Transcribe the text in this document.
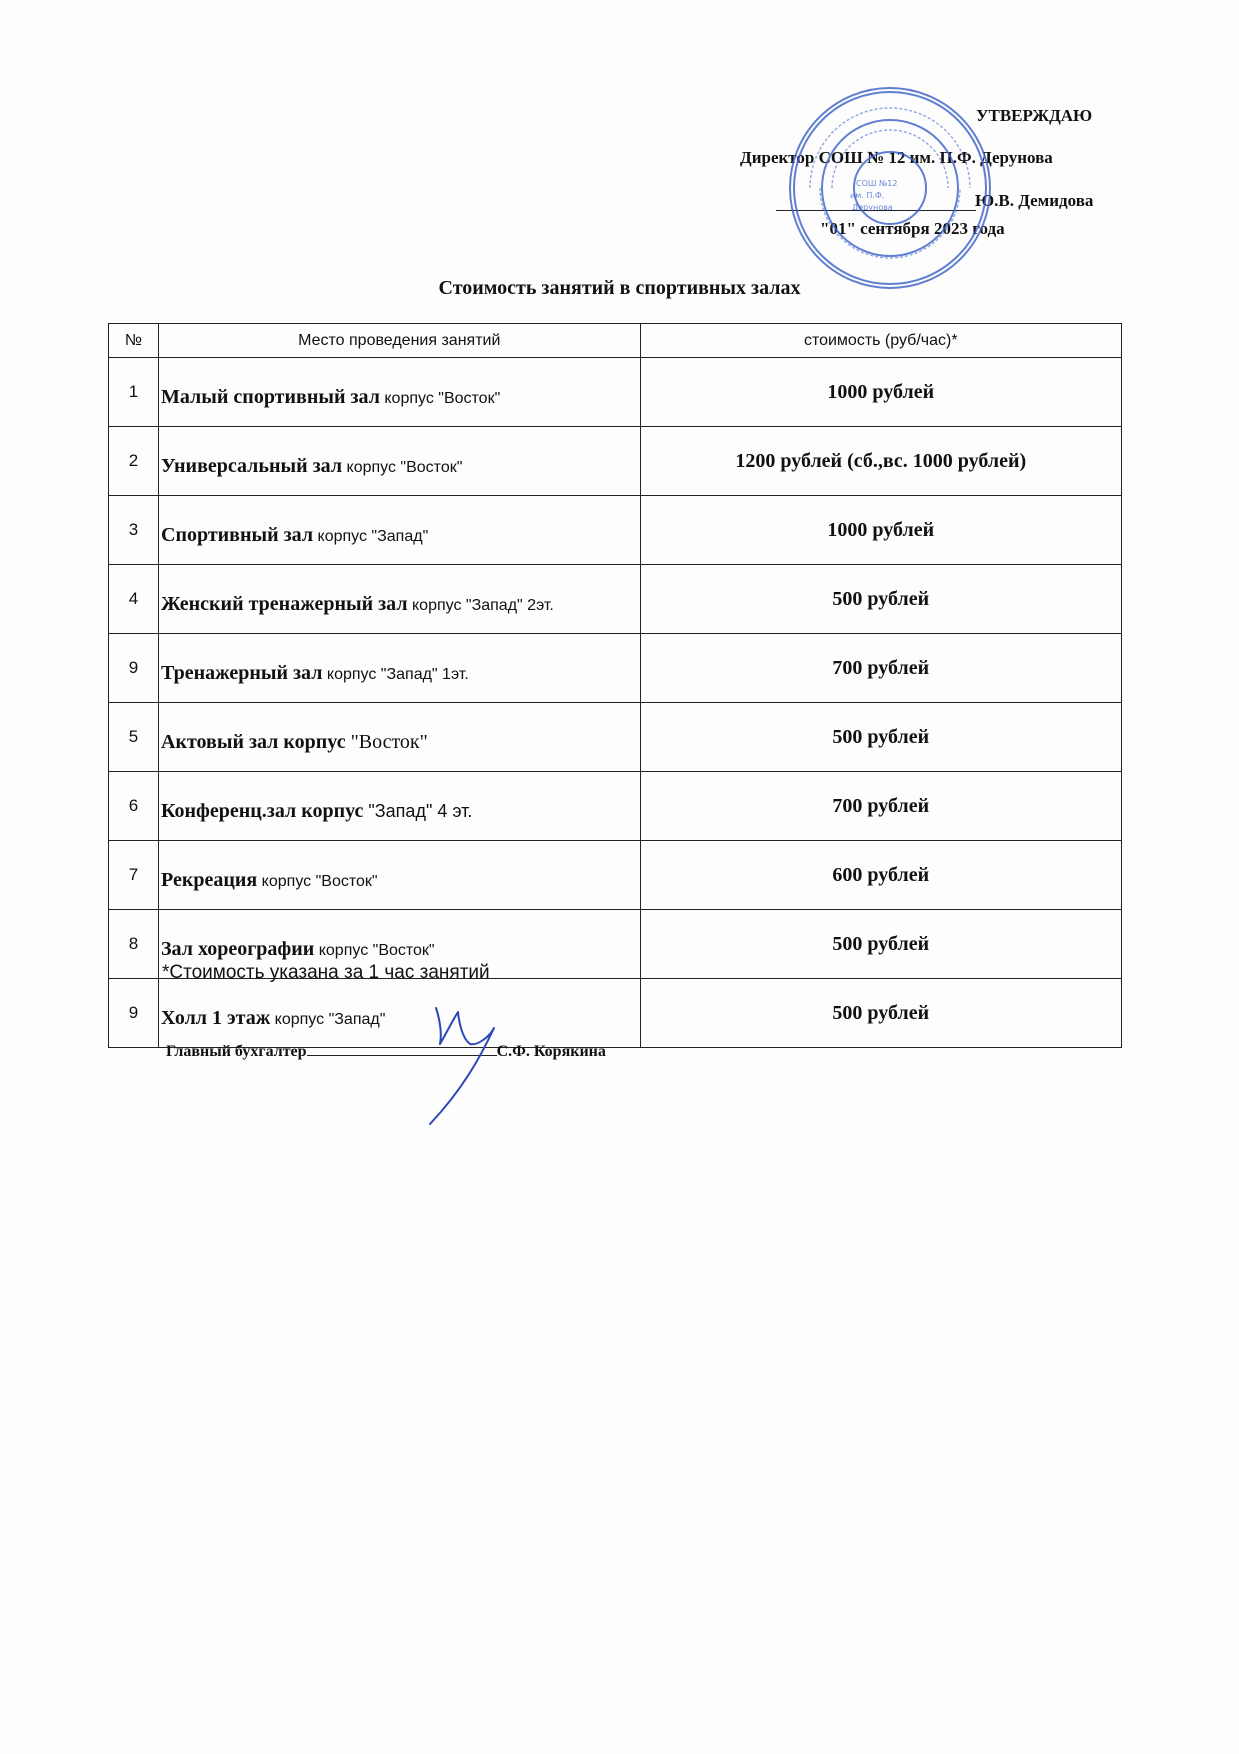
УТВЕРЖДАЮ
Директор СОШ № 12 им. П.Ф. Дерунова
Ю.В. Демидова
"01" сентября 2023 года
СОШ №12
им. П.Ф.
Дерунова
Стоимость занятий в спортивных залах
№	Место проведения занятий	стоимость (руб/час)*
1	Малый спортивный зал корпус "Восток"	1000 рублей
2	Универсальный зал корпус "Восток"	1200 рублей (сб.,вс. 1000 рублей)
3	Спортивный зал корпус "Запад"	1000 рублей
4	Женский тренажерный зал корпус "Запад" 2эт.	500 рублей
9	Тренажерный зал корпус "Запад" 1эт.	700 рублей
5	Актовый зал корпус "Восток"	500 рублей
6	Конференц.зал корпус "Запад" 4 эт.	700 рублей
7	Рекреация корпус "Восток"	600 рублей
8	Зал хореографии корпус "Восток"	500 рублей
9	Холл 1 этаж корпус "Запад"	500 рублей
*Стоимость указана за 1 час занятий
Главный бухгалтер	С.Ф. Корякина
